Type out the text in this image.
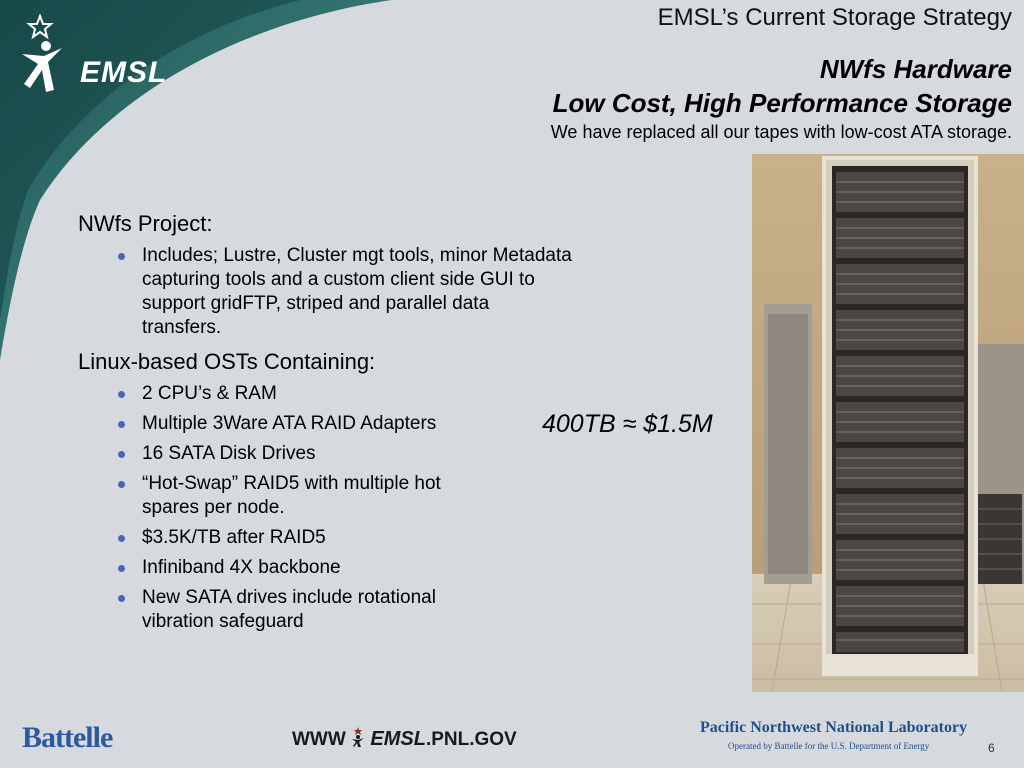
EMSL
EMSL’s Current Storage Strategy
NWfs Hardware
Low Cost, High Performance Storage
We have replaced all our tapes with low-cost ATA storage.

NWfs Project:

Includes; Lustre, Cluster mgt tools, minor Metadata capturing tools and a custom client side GUI to support gridFTP, striped and parallel data transfers.

Linux-based OSTs Containing:

2 CPU’s & RAM
Multiple 3Ware ATA RAID Adapters
16 SATA Disk Drives
“Hot-Swap” RAID5 with multiple hot spares per node.
$3.5K/TB after RAID5
Infiniband 4X backbone
New SATA drives include rotational vibration safeguard
400TB ≈ $1.5M
Battelle	WWW EMSL.PNL.GOV
Pacific Northwest National Laboratory
Operated by Battelle for the U.S. Department of Energy	6
